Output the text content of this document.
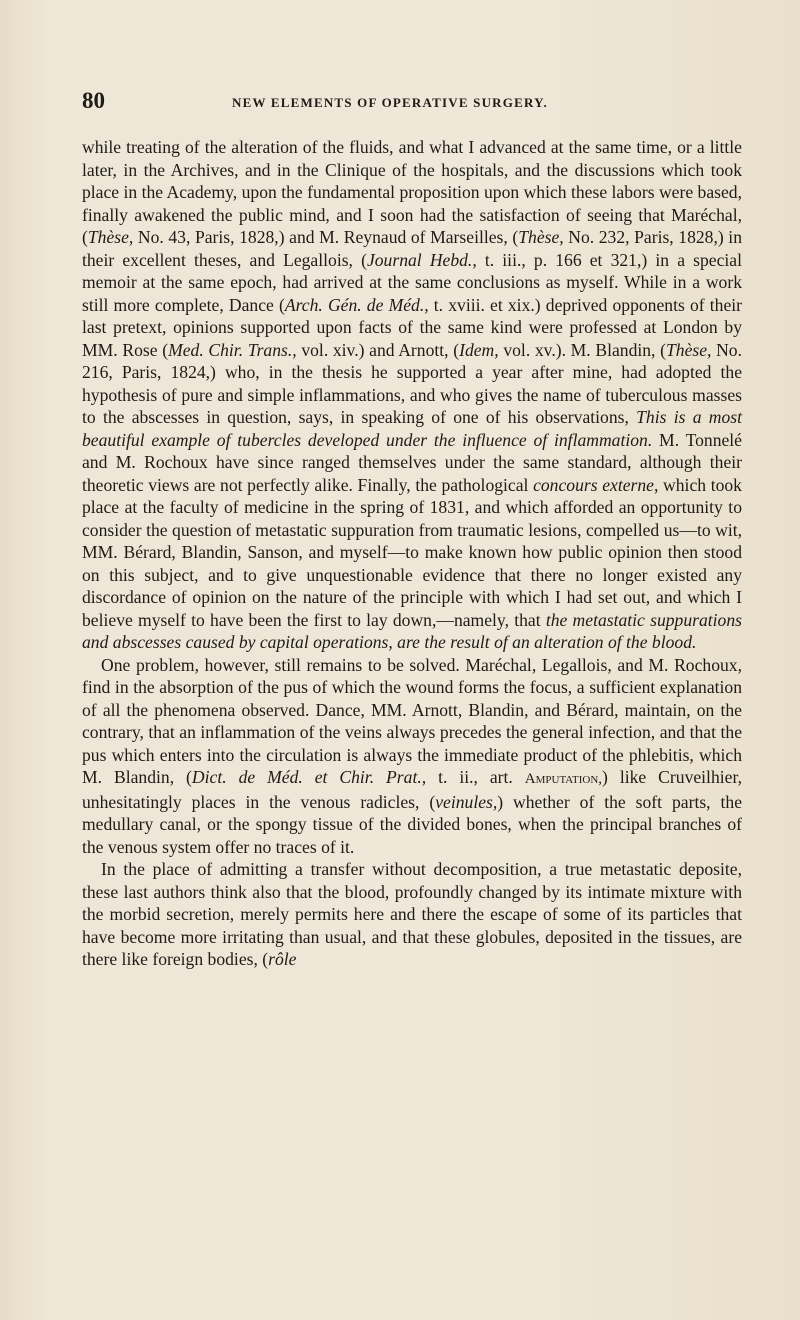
80	NEW ELEMENTS OF OPERATIVE SURGERY.

while treating of the alteration of the fluids, and what I advanced at the same time, or a little later, in the Archives, and in the Clinique of the hospitals, and the discussions which took place in the Academy, upon the fundamental proposition upon which these labors were based, finally awakened the public mind, and I soon had the satisfaction of seeing that Maréchal, (Thèse, No. 43, Paris, 1828,) and M. Reynaud of Marseilles, (Thèse, No. 232, Paris, 1828,) in their excellent theses, and Legallois, (Journal Hebd., t. iii., p. 166 et 321,) in a special memoir at the same epoch, had arrived at the same conclusions as myself. While in a work still more complete, Dance (Arch. Gén. de Méd., t. xviii. et xix.) deprived opponents of their last pretext, opinions supported upon facts of the same kind were professed at London by MM. Rose (Med. Chir. Trans., vol. xiv.) and Arnott, (Idem, vol. xv.). M. Blandin, (Thèse, No. 216, Paris, 1824,) who, in the thesis he supported a year after mine, had adopted the hypothesis of pure and simple inflammations, and who gives the name of tuberculous masses to the abscesses in question, says, in speaking of one of his observations, This is a most beautiful example of tubercles developed under the influence of inflammation. M. Tonnelé and M. Rochoux have since ranged themselves under the same standard, although their theoretic views are not perfectly alike. Finally, the pathological concours externe, which took place at the faculty of medicine in the spring of 1831, and which afforded an opportunity to consider the question of metastatic suppuration from traumatic lesions, compelled us—to wit, MM. Bérard, Blandin, Sanson, and myself—to make known how public opinion then stood on this subject, and to give unquestionable evidence that there no longer existed any discordance of opinion on the nature of the principle with which I had set out, and which I believe myself to have been the first to lay down,—namely, that the metastatic suppurations and abscesses caused by capital operations, are the result of an alteration of the blood.

One problem, however, still remains to be solved. Maréchal, Legallois, and M. Rochoux, find in the absorption of the pus of which the wound forms the focus, a sufficient explanation of all the phenomena observed. Dance, MM. Arnott, Blandin, and Bérard, maintain, on the contrary, that an inflammation of the veins always precedes the general infection, and that the pus which enters into the circulation is always the immediate product of the phlebitis, which M. Blandin, (Dict. de Méd. et Chir. Prat., t. ii., art. Amputation,) like Cruveilhier, unhesitatingly places in the venous radicles, (veinules,) whether of the soft parts, the medullary canal, or the spongy tissue of the divided bones, when the principal branches of the venous system offer no traces of it.

In the place of admitting a transfer without decomposition, a true metastatic deposite, these last authors think also that the blood, profoundly changed by its intimate mixture with the morbid secretion, merely permits here and there the escape of some of its particles that have become more irritating than usual, and that these globules, deposited in the tissues, are there like foreign bodies, (rôle
